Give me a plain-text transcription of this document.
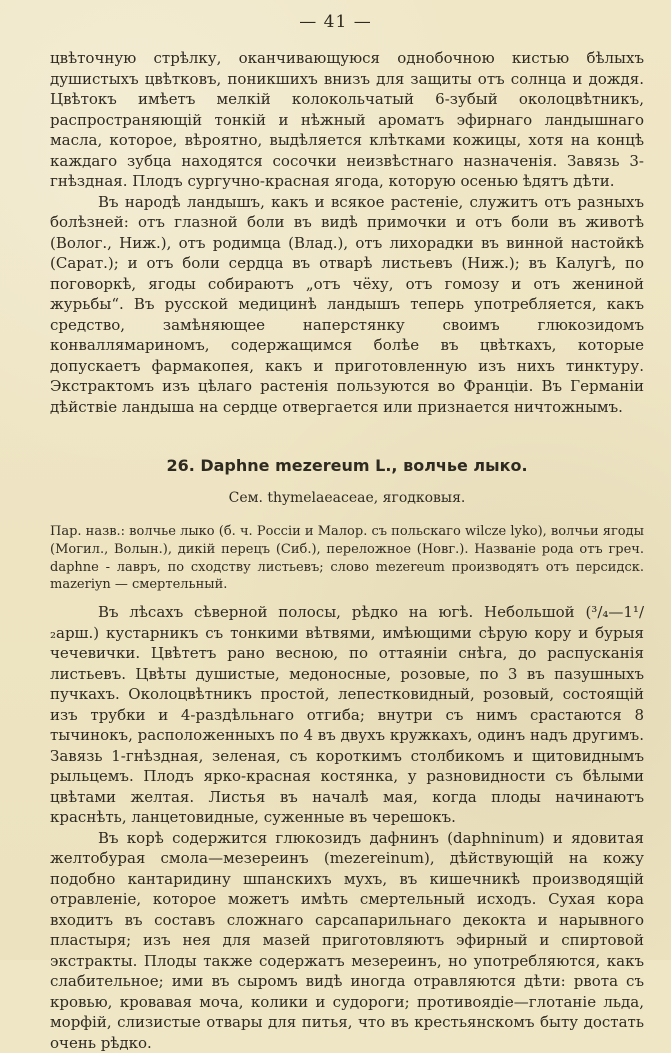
— 41 —

цвѣточную стрѣлку, оканчивающуюся однобочною кистью бѣлыхъ душистыхъ цвѣтковъ, поникшихъ внизъ для защиты отъ солнца и дождя. Цвѣтокъ имѣетъ мелкій колокольчатый 6-зубый околоцвѣтникъ, распространяющій тонкій и нѣжный ароматъ эфирнаго ландышнаго масла, которое, вѣроятно, выдѣляется клѣтками кожицы, хотя на концѣ каждаго зубца находятся сосочки неизвѣстнаго назначенія. Завязь 3-гнѣздная. Плодъ сургучно-красная ягода, которую осенью ѣдятъ дѣти.

Въ народѣ ландышъ, какъ и всякое растеніе, служитъ отъ разныхъ болѣзней: отъ глазной боли въ видѣ примочки и отъ боли въ животѣ (Волог., Ниж.), отъ родимца (Влад.), отъ лихорадки въ винной настойкѣ (Сарат.); и отъ боли сердца въ отварѣ листьевъ (Ниж.); въ Калугѣ, по поговоркѣ, ягоды собираютъ „отъ чёху, отъ гомозу и отъ жениной журьбы“. Въ русской медицинѣ ландышъ теперь употребляется, какъ средство, замѣняющее наперстянку своимъ глюкозидомъ конваллямариномъ, содержащимся болѣе въ цвѣткахъ, которые допускаетъ фармакопея, какъ и приготовленную изъ нихъ тинктуру. Экстрактомъ изъ цѣлаго растенія пользуются во Франціи. Въ Германіи дѣйствіе ландыша на сердце отвергается или признается ничтожнымъ.

26. Daphne mezereum L., волчье лыко.
Сем. thymelaeaceae, ягодковыя.

Пар. назв.: волчье лыко (б. ч. Россіи и Малор. съ польскаго wilcze lyko), волчьи ягоды (Могил., Волын.), дикій перецъ (Сиб.), переложное (Новг.). Названіе рода отъ греч. daphne - лавръ, по сходству листьевъ; слово mezereum производятъ отъ персидск. mazeriyn — смертельный.

Въ лѣсахъ сѣверной полосы, рѣдко на югѣ. Небольшой (³/₄—1¹/₂арш.) кустарникъ съ тонкими вѣтвями, имѣющими сѣрую кору и бурыя чечевички. Цвѣтетъ рано весною, по оттаяніи снѣга, до распусканія листьевъ. Цвѣты душистые, медоносные, розовые, по 3 въ пазушныхъ пучкахъ. Околоцвѣтникъ простой, лепестковидный, розовый, состоящій изъ трубки и 4-раздѣльнаго отгиба; внутри съ нимъ срастаются 8 тычинокъ, расположенныхъ по 4 въ двухъ кружкахъ, одинъ надъ другимъ. Завязь 1-гнѣздная, зеленая, съ короткимъ столбикомъ и щитовиднымъ рыльцемъ. Плодъ ярко-красная костянка, у разновидности съ бѣлыми цвѣтами желтая. Листья въ началѣ мая, когда плоды начинаютъ краснѣть, ланцетовидные, суженные въ черешокъ.

Въ корѣ содержится глюкозидъ дафнинъ (daphninum) и ядовитая желтобурая смола—мезереинъ (mezereinum), дѣйствующій на кожу подобно кантаридину шпанскихъ мухъ, въ кишечникѣ производящій отравленіе, которое можетъ имѣть смертельный исходъ. Сухая кора входитъ въ составъ сложнаго сарсапарильнаго декокта и нарывного пластыря; изъ нея для мазей приготовляютъ эфирный и спиртовой экстракты. Плоды также содержатъ мезереинъ, но употребляются, какъ слабительное; ими въ сыромъ видѣ иногда отравляются дѣти: рвота съ кровью, кровавая моча, колики и судороги; противоядіе—глотаніе льда, морфій, слизистые отвары для питья, что въ крестьянскомъ быту достать очень рѣдко.
